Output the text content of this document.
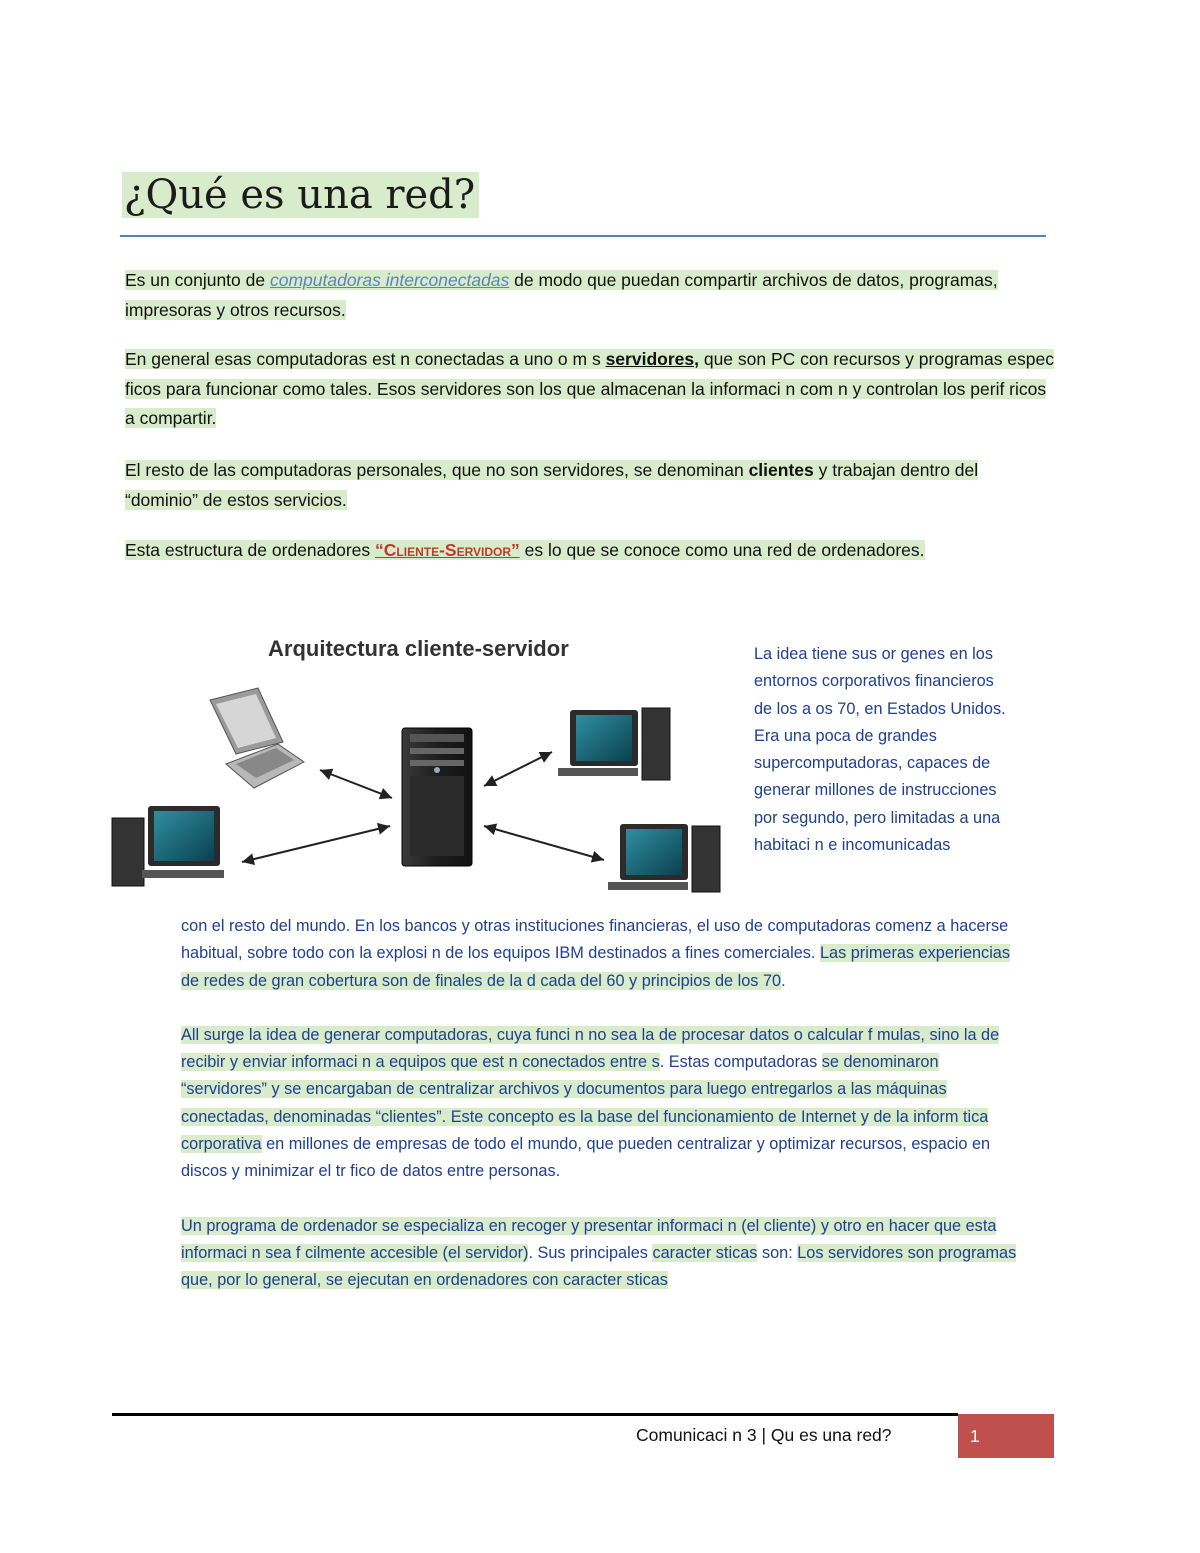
¿Qué es una red?

Es un conjunto de computadoras interconectadas de modo que puedan compartir archivos de datos, programas, impresoras y otros recursos.

En general esas computadoras est n conectadas a uno o m s servidores, que son PC con recursos y programas espec ficos para funcionar como tales. Esos servidores son los que almacenan la informaci n com n y controlan los perif ricos a compartir.

El resto de las computadoras personales, que no son servidores, se denominan clientes y trabajan dentro del “dominio” de estos servicios.

Esta estructura de ordenadores “Cliente-Servidor” es lo que se conoce como una red de ordenadores.

Arquitectura cliente-servidor	La idea tiene sus or genes en los entornos corporativos financieros de los a os 70, en Estados Unidos. Era una poca de grandes supercomputadoras, capaces de generar millones de instrucciones por segundo, pero limitadas a una habitaci n e incomunicadas

con el resto del mundo. En los bancos y otras instituciones financieras, el uso de computadoras comenz a hacerse habitual, sobre todo con la explosi n de los equipos IBM destinados a fines comerciales. Las primeras experiencias de redes de gran cobertura son de finales de la d cada del 60 y principios de los 70.

All surge la idea de generar computadoras, cuya funci n no sea la de procesar datos o calcular f mulas, sino la de recibir y enviar informaci n a equipos que est n conectados entre s. Estas computadoras se denominaron “servidores” y se encargaban de centralizar archivos y documentos para luego entregarlos a las máquinas conectadas, denominadas “clientes”. Este concepto es la base del funcionamiento de Internet y de la inform tica corporativa en millones de empresas de todo el mundo, que pueden centralizar y optimizar recursos, espacio en discos y minimizar el tr fico de datos entre personas.

Un programa de ordenador se especializa en recoger y presentar informaci n (el cliente) y otro en hacer que esta informaci n sea f cilmente accesible (el servidor). Sus principales caracter sticas son: Los servidores son programas que, por lo general, se ejecutan en ordenadores con caracter sticas

Comunicaci n 3 | Qu es una red?	1
